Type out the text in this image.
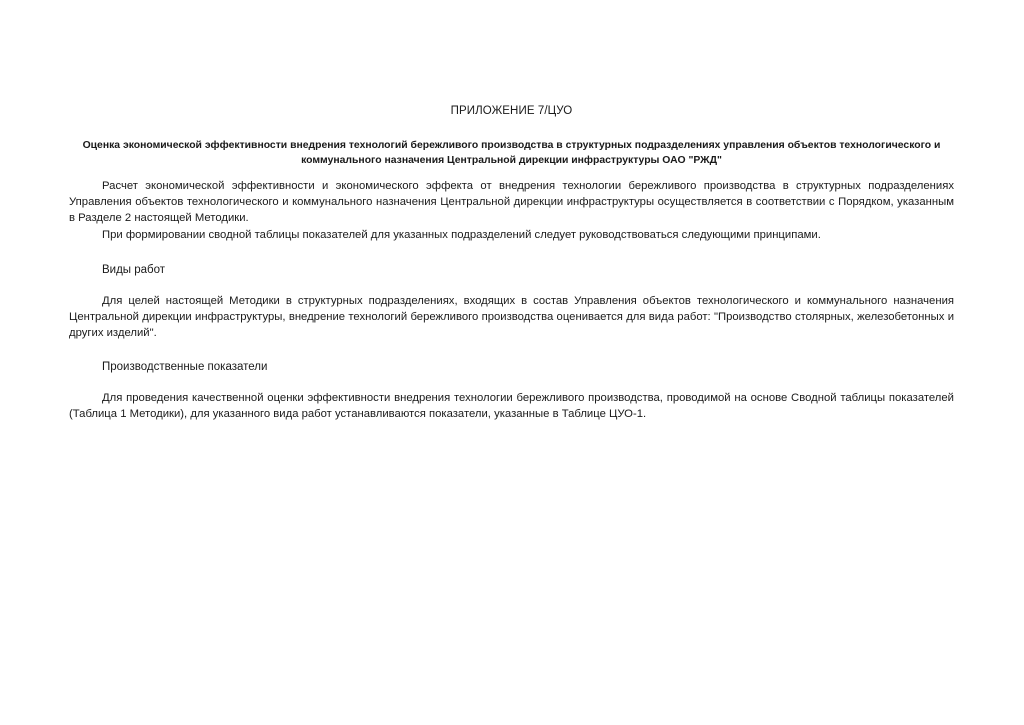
ПРИЛОЖЕНИЕ 7/ЦУО
Оценка экономической эффективности внедрения технологий бережливого производства в структурных подразделениях управления объектов технологического и коммунального назначения Центральной дирекции инфраструктуры ОАО "РЖД"

Расчет экономической эффективности и экономического эффекта от внедрения технологии бережливого производства в структурных подразделениях Управления объектов технологического и коммунального назначения Центральной дирекции инфраструктуры осуществляется в соответствии с Порядком, указанным в Разделе 2 настоящей Методики.

При формировании сводной таблицы показателей для указанных подразделений следует руководствоваться следующими принципами.

Виды работ

Для целей настоящей Методики в структурных подразделениях, входящих в состав Управления объектов технологического и коммунального назначения Центральной дирекции инфраструктуры, внедрение технологий бережливого производства оценивается для вида работ: "Производство столярных, железобетонных и других изделий".

Производственные показатели

Для проведения качественной оценки эффективности внедрения технологии бережливого производства, проводимой на основе Сводной таблицы показателей (Таблица 1 Методики), для указанного вида работ устанавливаются показатели, указанные в Таблице ЦУО-1.
